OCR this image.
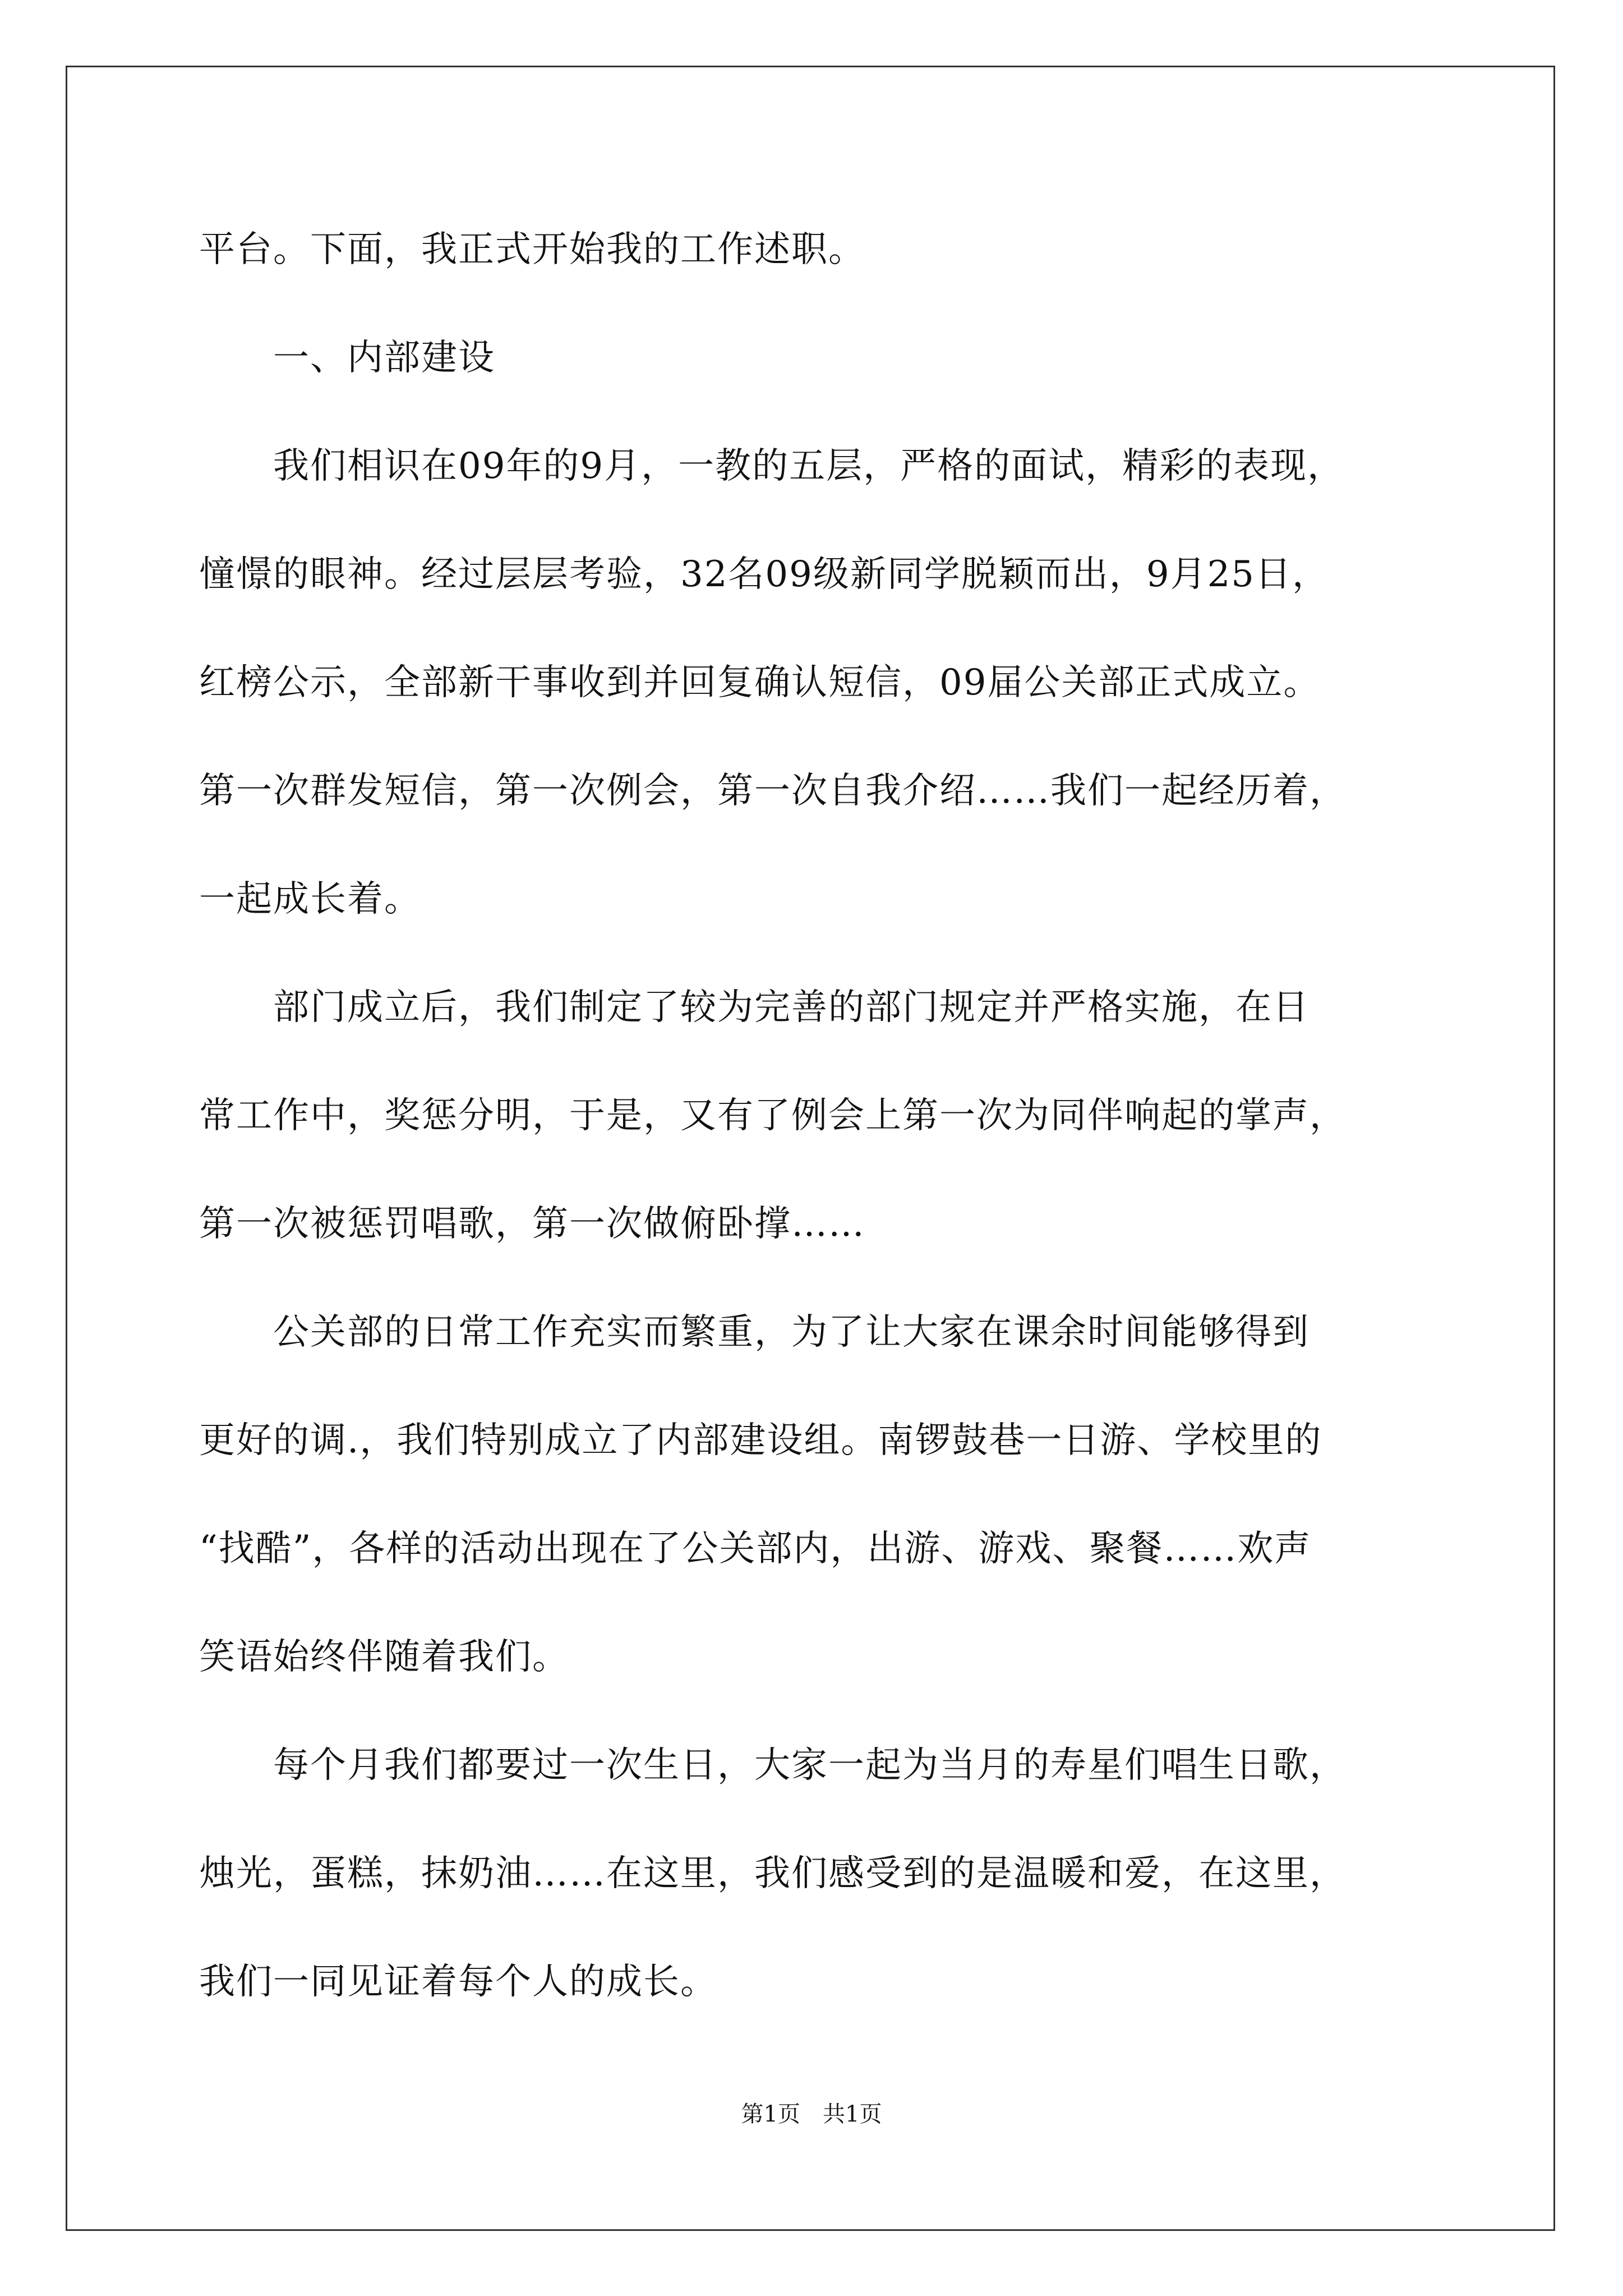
平台。下面，我正式开始我的工作述职。
　　一、内部建设
　　我们相识在09年的9月，一教的五层，严格的面试，精彩的表现，
憧憬的眼神。经过层层考验，32名09级新同学脱颖而出，9月25日，
红榜公示，全部新干事收到并回复确认短信，09届公关部正式成立。
第一次群发短信，第一次例会，第一次自我介绍……我们一起经历着，
一起成长着。
　　部门成立后，我们制定了较为完善的部门规定并严格实施，在日
常工作中，奖惩分明，于是，又有了例会上第一次为同伴响起的掌声，
第一次被惩罚唱歌，第一次做俯卧撑……
　　公关部的日常工作充实而繁重，为了让大家在课余时间能够得到
更好的调.，我们特别成立了内部建设组。南锣鼓巷一日游、学校里的
“找酷”，各样的活动出现在了公关部内，出游、游戏、聚餐……欢声
笑语始终伴随着我们。
　　每个月我们都要过一次生日，大家一起为当月的寿星们唱生日歌，
烛光，蛋糕，抹奶油……在这里，我们感受到的是温暖和爱，在这里，
我们一同见证着每个人的成长。
第1页　共1页
